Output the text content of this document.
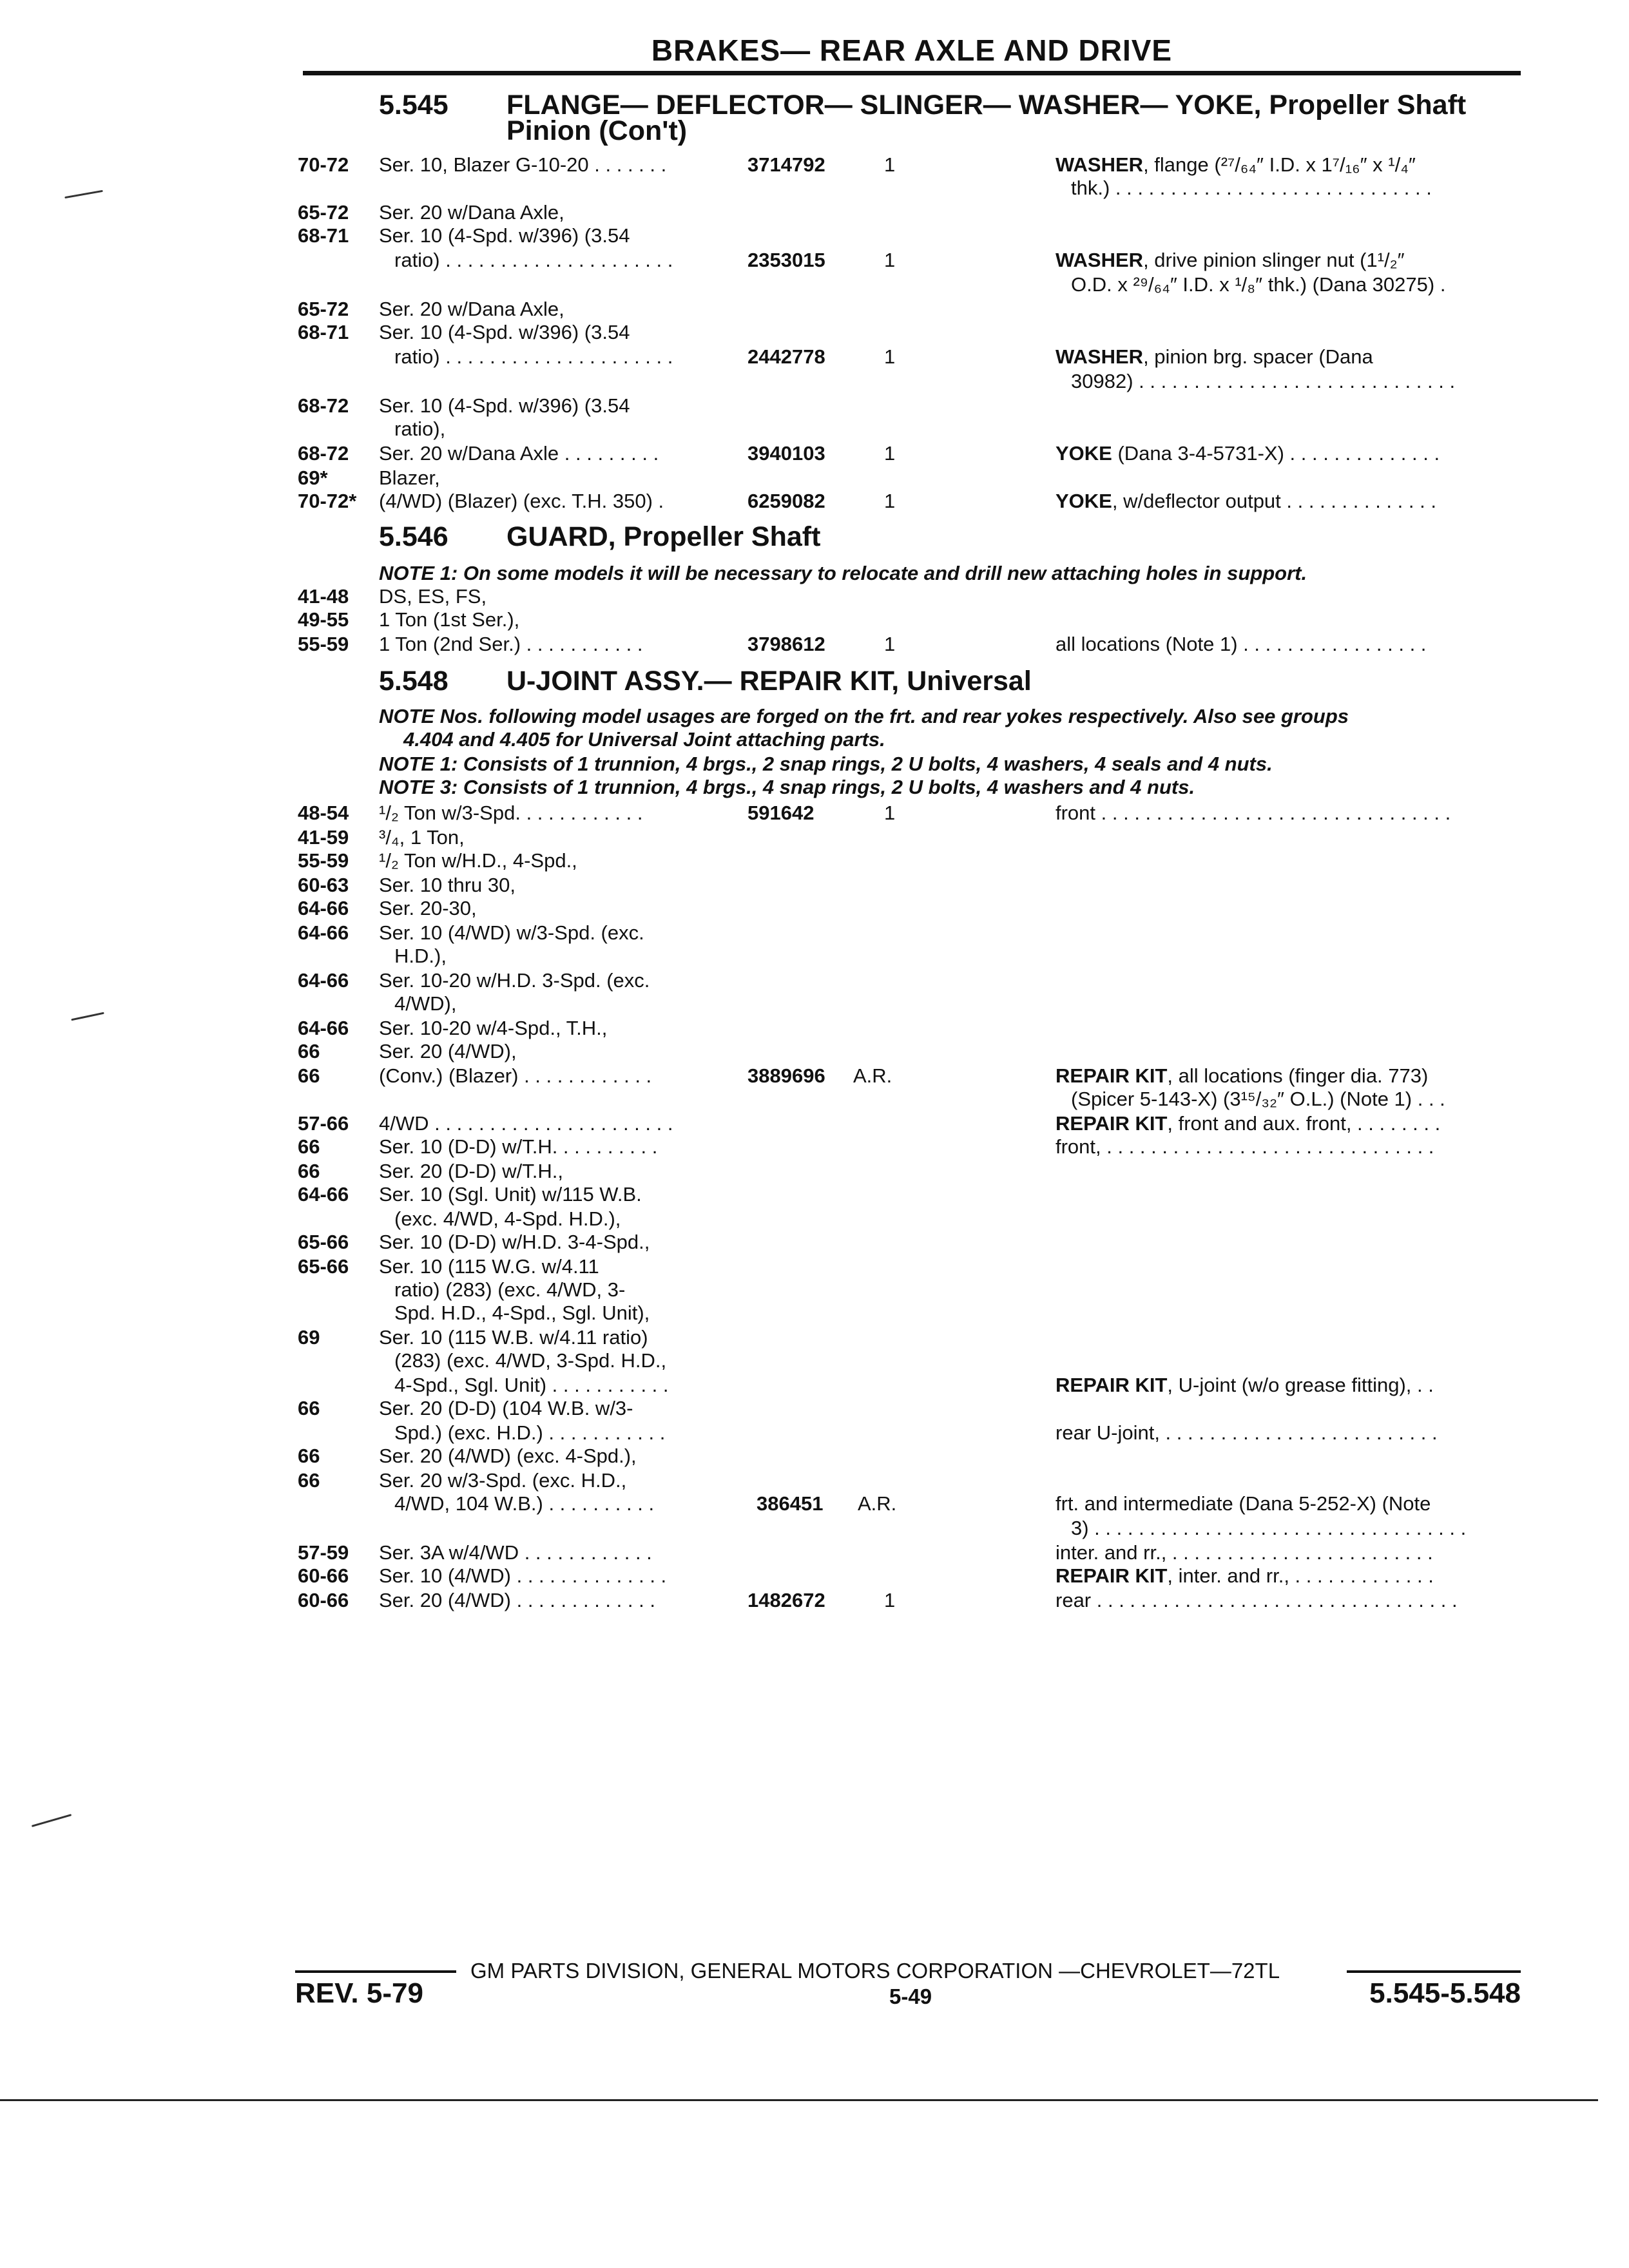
BRAKES— REAR AXLE AND DRIVE
5.545 FLANGE— DEFLECTOR— SLINGER— WASHER— YOKE, Propeller Shaft
Pinion (Con't)
70-72 Ser. 10, Blazer G-10-20 . . . . . . .	3714792	1	WASHER, flange (²⁷/₆₄″ I.D. x 1⁷/₁₆″ x ¹/₄″
thk.) . . . . . . . . . . . . . . . . . . . . . . . . . . . . .
65-72 Ser. 20 w/Dana Axle,
68-71 Ser. 10 (4-Spd. w/396) (3.54
ratio) . . . . . . . . . . . . . . . . . . . . .	2353015	1	WASHER, drive pinion slinger nut (1¹/₂″
O.D. x ²⁹/₆₄″ I.D. x ¹/₈″ thk.) (Dana 30275) .
65-72 Ser. 20 w/Dana Axle,
68-71 Ser. 10 (4-Spd. w/396) (3.54
ratio) . . . . . . . . . . . . . . . . . . . . .	2442778	1	WASHER, pinion brg. spacer (Dana
30982) . . . . . . . . . . . . . . . . . . . . . . . . . . . . .
68-72 Ser. 10 (4-Spd. w/396) (3.54
ratio),
68-72 Ser. 20 w/Dana Axle . . . . . . . . .	3940103	1	YOKE (Dana 3-4-5731-X) . . . . . . . . . . . . . .
69*	Blazer,
70-72* (4/WD) (Blazer) (exc. T.H. 350) .	6259082	1	YOKE, w/deflector output . . . . . . . . . . . . . .
5.546 GUARD, Propeller Shaft
NOTE 1: On some models it will be necessary to relocate and drill new attaching holes in support.
41-48 DS, ES, FS,
49-55 1 Ton (1st Ser.),
55-59 1 Ton (2nd Ser.) . . . . . . . . . . .	3798612	1	all locations (Note 1) . . . . . . . . . . . . . . . . .
5.548 U-JOINT ASSY.— REPAIR KIT, Universal
NOTE Nos. following model usages are forged on the frt. and rear yokes respectively. Also see groups
4.404 and 4.405 for Universal Joint attaching parts.
NOTE 1: Consists of 1 trunnion, 4 brgs., 2 snap rings, 2 U bolts, 4 washers, 4 seals and 4 nuts.
NOTE 3: Consists of 1 trunnion, 4 brgs., 4 snap rings, 2 U bolts, 4 washers and 4 nuts.
48-54 ¹/₂ Ton w/3-Spd. . . . . . . . . . . .	591642	1	front . . . . . . . . . . . . . . . . . . . . . . . . . . . . . . . .
41-59 ³/₄, 1 Ton,
55-59 ¹/₂ Ton w/H.D., 4-Spd.,
60-63 Ser. 10 thru 30,
64-66 Ser. 20-30,
64-66 Ser. 10 (4/WD) w/3-Spd. (exc.
H.D.),
64-66 Ser. 10-20 w/H.D. 3-Spd. (exc.
4/WD),
64-66 Ser. 10-20 w/4-Spd., T.H.,
66	Ser. 20 (4/WD),
66	(Conv.) (Blazer) . . . . . . . . . . . .	3889696 A.R.	REPAIR KIT, all locations (finger dia. 773)
(Spicer 5-143-X) (3¹⁵/₃₂″ O.L.) (Note 1) . . .
57-66 4/WD . . . . . . . . . . . . . . . . . . . . . .	REPAIR KIT, front and aux. front, . . . . . . . .
66	Ser. 10 (D-D) w/T.H. . . . . . . . . .	front, . . . . . . . . . . . . . . . . . . . . . . . . . . . . . .
66	Ser. 20 (D-D) w/T.H.,
64-66 Ser. 10 (Sgl. Unit) w/115 W.B.
(exc. 4/WD, 4-Spd. H.D.),
65-66 Ser. 10 (D-D) w/H.D. 3-4-Spd.,
65-66 Ser. 10 (115 W.G. w/4.11
ratio) (283) (exc. 4/WD, 3-
Spd. H.D., 4-Spd., Sgl. Unit),
69	Ser. 10 (115 W.B. w/4.11 ratio)
(283) (exc. 4/WD, 3-Spd. H.D.,
4-Spd., Sgl. Unit) . . . . . . . . . . .	REPAIR KIT, U-joint (w/o grease fitting), . .
66	Ser. 20 (D-D) (104 W.B. w/3-
Spd.) (exc. H.D.) . . . . . . . . . . .	rear U-joint, . . . . . . . . . . . . . . . . . . . . . . . . .
66	Ser. 20 (4/WD) (exc. 4-Spd.),
66	Ser. 20 w/3-Spd. (exc. H.D.,
4/WD, 104 W.B.) . . . . . . . . . .	386451 A.R.	frt. and intermediate (Dana 5-252-X) (Note
3) . . . . . . . . . . . . . . . . . . . . . . . . . . . . . . . . . .
57-59 Ser. 3A w/4/WD . . . . . . . . . . . .	inter. and rr., . . . . . . . . . . . . . . . . . . . . . . . .
60-66 Ser. 10 (4/WD) . . . . . . . . . . . . . .	REPAIR KIT, inter. and rr., . . . . . . . . . . . . .
60-66 Ser. 20 (4/WD) . . . . . . . . . . . . .	1482672	1	rear . . . . . . . . . . . . . . . . . . . . . . . . . . . . . . . . .
GM PARTS DIVISION, GENERAL MOTORS CORPORATION —CHEVROLET—72TL
REV. 5-79	5-49	5.545-5.548
